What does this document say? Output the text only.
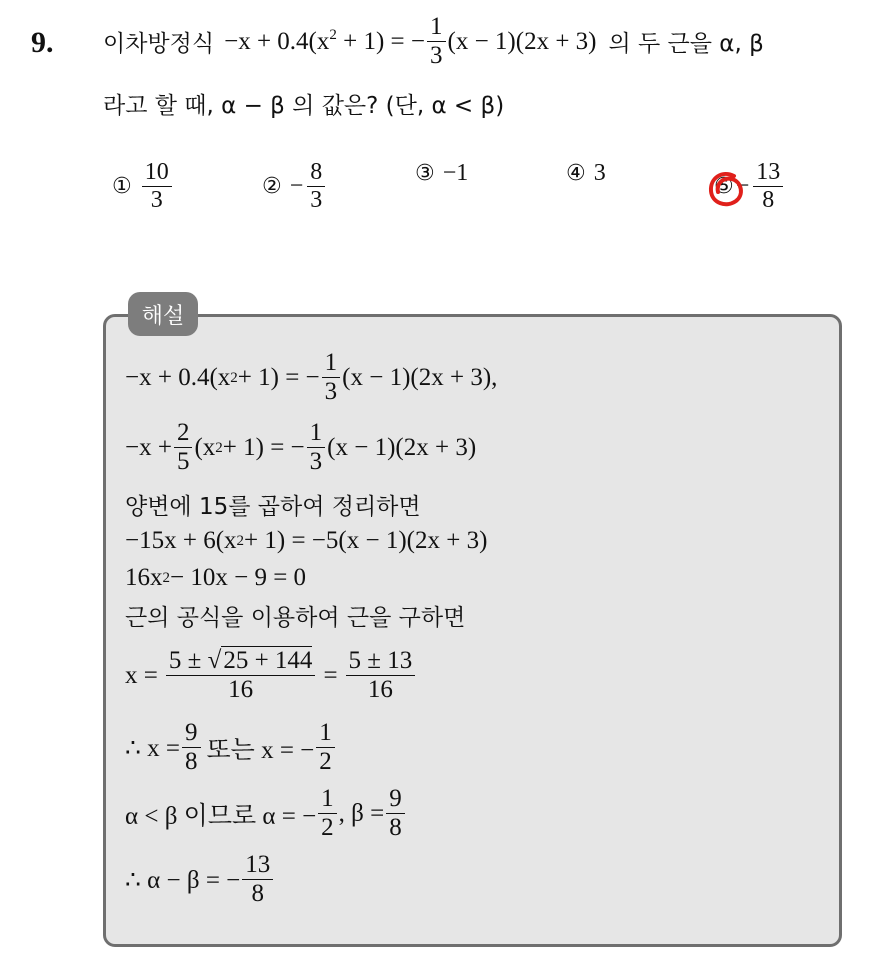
9. 이차방정식 $-x + 0.4(x^2 + 1)$ = − $\frac{1}{3} (x - 1)(2x + 3)$ 의 두 근을 α, β
라고 할 때, α − β 의 값은? (단, α < β)
① $\frac{10}{3}$	② − $\frac{8}{3}$	③ −1	④ 3
⑤ − $\frac{13}{8}$
해설
−x + 0.4(x 2 + 1) = − $\frac{1}{3} (x - 1)(2x + 3)$,
$-x + \frac{2}{5} (x$ 2 + 1) = − $\frac{1}{3} (x - 1)(2x + 3)$
양변에 15를 곱하여 정리하면
−15x + 6(x 2 + 1) = −5(x − 1)(2x + 3)
16x 2 − 10x − 9 = 0
근의 공식을 이용하여 근을 구하면
$x = \frac{5 \pm √25 + 144}{16} = \frac{5 \pm 13}{16}$
∴ $x = \frac{9}{8}$ 또는 x = − $\frac{1}{2}$
α < β 이므로 α = − $\frac{1}{2}$ , $\beta = \frac{9}{8}$
∴ α − β = − $\frac{13}{8}$
